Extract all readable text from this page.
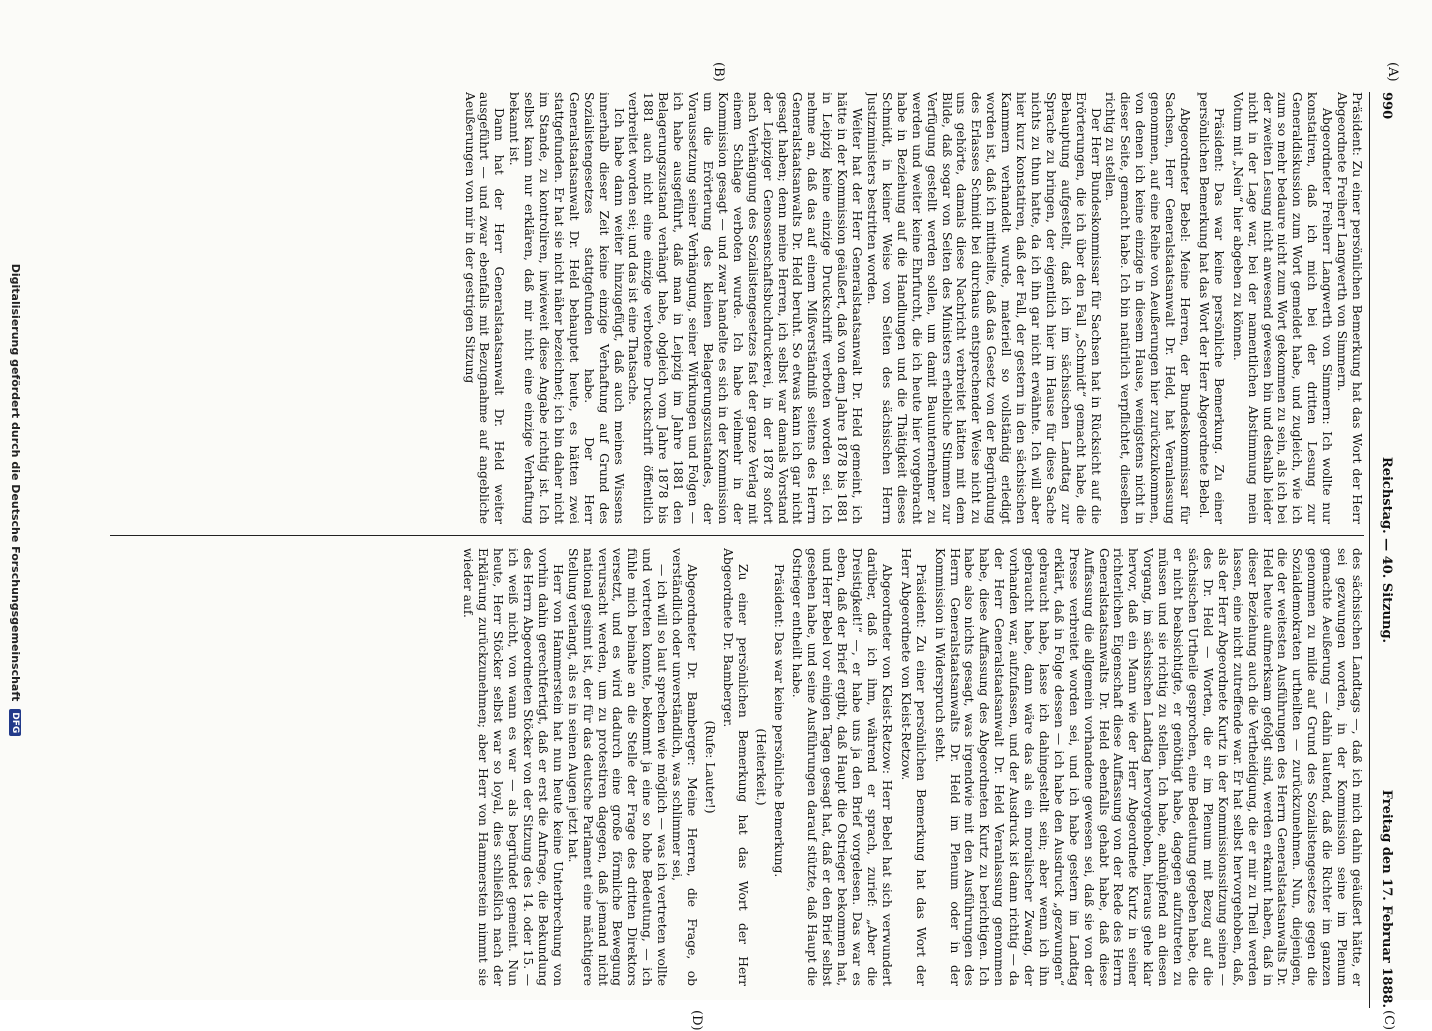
990
Reichstag. — 40. Sitzung.
Freitag den 17. Februar 1888.
(A)
(B)
(C)
(D)

Präsident: Zu einer persönlichen Bemerkung hat das Wort der Herr Abgeordnete Freiherr Langwerth von Simmern.

Abgeordneter Freiherr Langwerth von Simmern: Ich wollte nur konstatiren, daß ich mich bei der dritten Lesung zur Generaldiskussion zum Wort gemeldet habe, und zugleich, wie ich zum so mehr bedaure nicht zum Wort gekommen zu sein, als ich bei der zweiten Lesung nicht anwesend gewesen bin und deshalb leider nicht in der Lage war, bei der namentlichen Abstimmung mein Votum mit „Nein“ hier abgeben zu können.

Präsident: Das war keine persönliche Bemerkung. Zu einer persönlichen Bemerkung hat das Wort der Herr Abgeordnete Bebel.

Abgeordneter Bebel: Meine Herren, der Bundeskommissar für Sachsen, Herr Generalstaatsanwalt Dr. Held, hat Veranlassung genommen, auf eine Reihe von Aeußerungen hier zurückzukommen, von denen ich keine einzige in diesem Hause, wenigstens nicht in dieser Seite, gemacht habe. Ich bin natürlich verpflichtet, dieselben richtig zu stellen.

Der Herr Bundeskommissar für Sachsen hat in Rücksicht auf die Erörterungen, die ich über den Fall „Schmidt“ gemacht habe, die Behauptung aufgestellt, daß ich im sächsischen Landtag zur Sprache zu bringen, der eigentlich hier im Hause für diese Sache nichts zu thun hatte, da ich ihn gar nicht erwähnte. Ich will aber hier kurz konstatiren, daß der Fall, der gestern in den sächsischen Kammern verhandelt wurde, materiell so vollständig erledigt worden ist, daß ich mittheilte, daß das Gesetz von der Begründung des Erlasses Schmidt bei durchaus entsprechender Weise nicht zu uns gehörte, damals diese Nachricht verbreitet hätten mit dem Bilde, daß sogar von Seiten des Ministers erhebliche Stimmen zur Verfügung gestellt werden sollen, um damit Bauunternehmer zu werden und weiter keine Ehrfurcht, die ich heute hier vorgebracht habe in Beziehung auf die Handlungen und die Thätigkeit dieses Schmidt, in keiner Weise von Seiten des sächsischen Herrn Justizministers bestritten worden.

Weiter hat der Herr Generalstaatsanwalt Dr. Held gemeint, ich hätte in der Kommission geäußert, daß von dem Jahre 1878 bis 1881 in Leipzig keine einzige Druckschrift verboten worden sei. Ich nehme an, daß das auf einem Mißverständniß seitens des Herrn Generalstaatsanwalts Dr. Held beruht. So etwas kann ich gar nicht gesagt haben; denn meine Herren, ich selbst war damals Vorstand der Leipziger Genossenschaftsbuchdruckerei, in der 1878 sofort nach Verhängung des Sozialistengesetzes fast der ganze Verlag mit einem Schlage verboten wurde. Ich habe vielmehr in der Kommission gesagt — und zwar handelte es sich in der Kommission um die Erörterung des kleinen Belagerungszustandes, der Voraussetzung seiner Verhängung, seiner Wirkungen und Folgen — ich habe ausgeführt, daß man in Leipzig im Jahre 1881 den Belagerungszustand verhängt habe, obgleich vom Jahre 1878 bis 1881 auch nicht eine einzige verbotene Druckschrift öffentlich verbreitet worden sei; und das ist eine Thatsache.

Ich habe dann weiter hinzugefügt, daß auch meines Wissens innerhalb dieser Zeit keine einzige Verhaftung auf Grund des Sozialistengesetzes stattgefunden habe. Der Herr Generalstaatsanwalt Dr. Held behauptet heute, es hätten zwei stattgefunden. Er hat sie nicht näher bezeichnet; ich bin daher nicht im Stande, zu kontroliren, inwieweit diese Angabe richtig ist. Ich selbst kann nur erklären, daß mir nicht eine einzige Verhaftung bekannt ist.

Dann hat der Herr Generalstaatsanwalt Dr. Held weiter ausgeführt — und zwar ebenfalls mit Bezugnahme auf angebliche Aeußerungen von mir in der gestrigen Sitzung

des sächsischen Landtags —, daß ich mich dahin geäußert hätte, er sei gezwungen worden, in der Kommission seine im Plenum gemachte Aeußerung — dahin lautend, daß die Richter im ganzen genommen zu milde auf Grund des Sozialistengesetzes gegen die Sozialdemokraten urtheilten — zurückzunehmen. Nun, diejenigen, die der weitesten Ausführungen des Herrn Generalstaatsanwalts Dr. Held heute aufmerksam gefolgt sind, werden erkannt haben, daß in dieser Beziehung auch die Vertheidigung, die er mir zu Theil werden lassen, eine nicht zutreffende war. Er hat selbst hervorgehoben, daß, als der Herr Abgeordnete Kurtz in der Kommissionssitzung seinen — des Dr. Held — Worten, die er im Plenum mit Bezug auf die sächsischen Urtheile gesprochen, eine Bedeutung gegeben habe, die er nicht beabsichtigte, er genöthigt habe, dagegen aufzutreten zu müssen und sie richtig zu stellen. Ich habe, anknüpfend an diesen Vorgang, im sächsischen Landtag hervorgehoben, hieraus gehe klar hervor, daß ein Mann wie der Herr Abgeordnete Kurtz in seiner richterlichen Eigenschaft diese Auffassung von der Rede des Herrn Generalstaatsanwalts Dr. Held ebenfalls gehabt habe, daß diese Auffassung die allgemein vorhandene gewesen sei, daß sie von der Presse verbreitet worden sei, und ich habe gestern im Landtag erklärt, daß in Folge dessen — ich habe den Ausdruck „gezwungen“ gebraucht habe, lasse ich dahingestellt sein; aber wenn ich ihn gebraucht habe, dann wäre das als ein moralischer Zwang, der vorhanden war, aufzufassen, und der Ausdruck ist dann richtig — da der Herr Generalstaatsanwalt Dr. Held Veranlassung genommen habe, diese Auffassung des Abgeordneten Kurtz zu berichtigen. Ich habe also nichts gesagt, was irgendwie mit den Ausführungen des Herrn Generalstaatsanwalts Dr. Held im Plenum oder in der Kommission in Widerspruch steht.

Präsident: Zu einer persönlichen Bemerkung hat das Wort der Herr Abgeordnete von Kleist-Retzow.

Abgeordneter von Kleist-Retzow: Herr Bebel hat sich verwundert darüber, daß ich ihm, während er sprach, zurief: „Aber die Dreistigkeit!“ —, er habe uns ja den Brief vorgelesen. Das war es eben, daß der Brief ergibt, daß Haupt die Ostrieger bekommen hat, und Herr Bebel vor einigen Tagen gesagt hat, daß er den Brief selbst gesehen habe, und seine Ausführungen darauf stützte, daß Haupt die Ostrieger entheilt habe.

Präsident: Das war keine persönliche Bemerkung.

(Heiterkeit.)

Zu einer persönlichen Bemerkung hat das Wort der Herr Abgeordnete Dr. Bamberger.

(Rufe: Lauter!)

Abgeordneter Dr. Bamberger: Meine Herren, die Frage, ob verständlich oder unverständlich, was schlimmer sei,

— ich will so laut sprechen wie möglich — was ich vertreten wollte und vertreten konnte, bekommt ja eine so hohe Bedeutung, — ich fühle mich beinahe an die Stelle der Frage des dritten Direktors versetzt, und es wird dadurch eine große förmliche Bewegung verursacht werden, um zu protestiren dagegen, daß jemand nicht national gesinnt ist, der für das deutsche Parlament eine mächtigere Stellung verlangt, als es in seinen Augen jetzt hat.

Herr von Hammerstein hat nun heute keine Unterbrechung von vorhin dahin gerechtfertigt, daß er erst die Anfrage, die Bekundung des Herrn Abgeordneten Stöcker von der Sitzung des 14. oder 15. — ich weiß nicht, von wann es war — als begründet gemeint. Nun heute, Herr Stöcker selbst war so loyal, dies schließlich nach der Erklärung zurückzunehmen; aber Herr von Hammerstein nimmt sie wieder auf.

Digitalisierung gefördert durch die Deutsche Forschungsgemeinschaft DFG
